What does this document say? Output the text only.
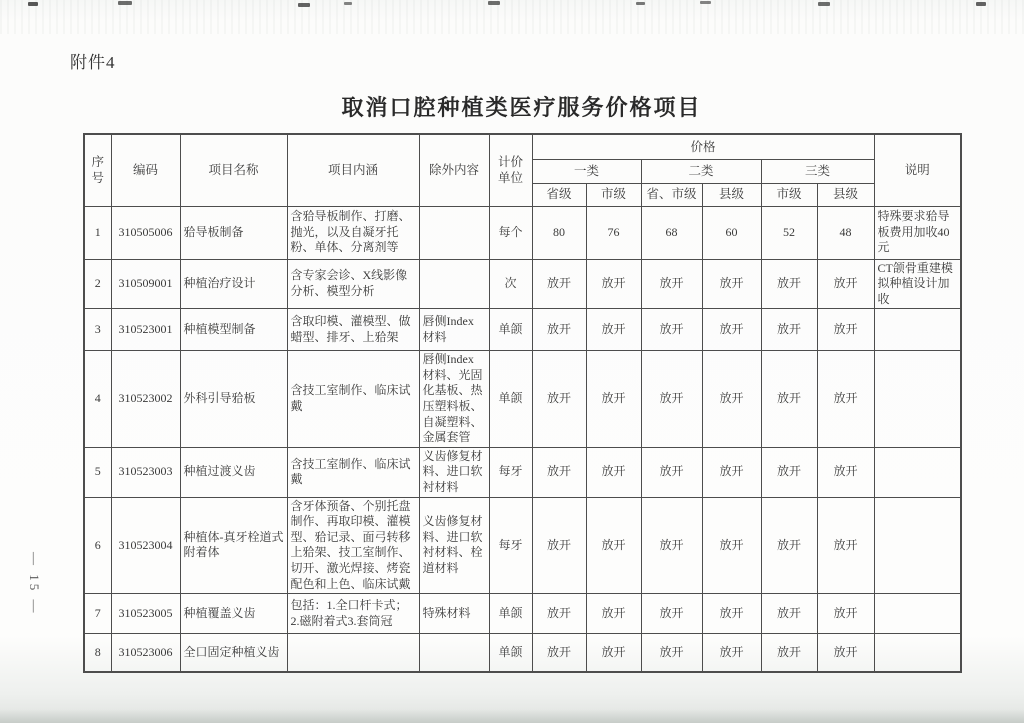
附件4
取消口腔种植类医疗服务价格项目
— 15 —
序号	编码	项目名称	项目内涵	除外内容	计价单位	价格						说明
						一类		二类		三类		
						省级	市级	省、市级	县级	市级	县级	
1	310505006	𬌗导板制备	含𬌗导板制作、打磨、抛光，以及自凝牙托粉、单体、分离剂等		每个	80	76	68	60	52	48	特殊要求𬌗导板费用加收40元
2	310509001	种植治疗设计	含专家会诊、X线影像分析、模型分析		次	放开	放开	放开	放开	放开	放开	CT颌骨重建模拟种植设计加收
3	310523001	种植模型制备	含取印模、灌模型、做蜡型、排牙、上𬌗架	唇侧Index材料	单颌	放开	放开	放开	放开	放开	放开	
4	310523002	外科引导𬌗板	含技工室制作、临床试戴	唇侧Index材料、光固化基板、热压塑料板、自凝塑料、金属套管	单颌	放开	放开	放开	放开	放开	放开	
5	310523003	种植过渡义齿	含技工室制作、临床试戴	义齿修复材料、进口软衬材料	每牙	放开	放开	放开	放开	放开	放开	
6	310523004	种植体-真牙栓道式附着体	含牙体预备、个别托盘制作、再取印模、灌模型、𬌗记录、面弓转移上𬌗架、技工室制作、切开、激光焊接、烤瓷配色和上色、临床试戴	义齿修复材料、进口软衬材料、栓道材料	每牙	放开	放开	放开	放开	放开	放开	
7	310523005	种植覆盖义齿	包括：1.全口杆卡式；2.磁附着式3.套筒冠	特殊材料	单颌	放开	放开	放开	放开	放开	放开	
8	310523006	全口固定种植义齿			单颌	放开	放开	放开	放开	放开	放开	
